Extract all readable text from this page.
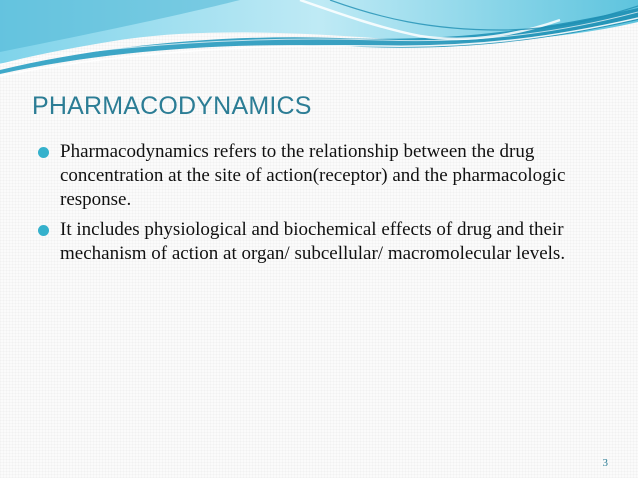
PHARMACODYNAMICS
Pharmacodynamics refers to the relationship between the drug concentration at the site of action(receptor) and the pharmacologic response.
It includes physiological and biochemical effects of drug and their mechanism of action at organ/ subcellular/ macromolecular levels.
3
